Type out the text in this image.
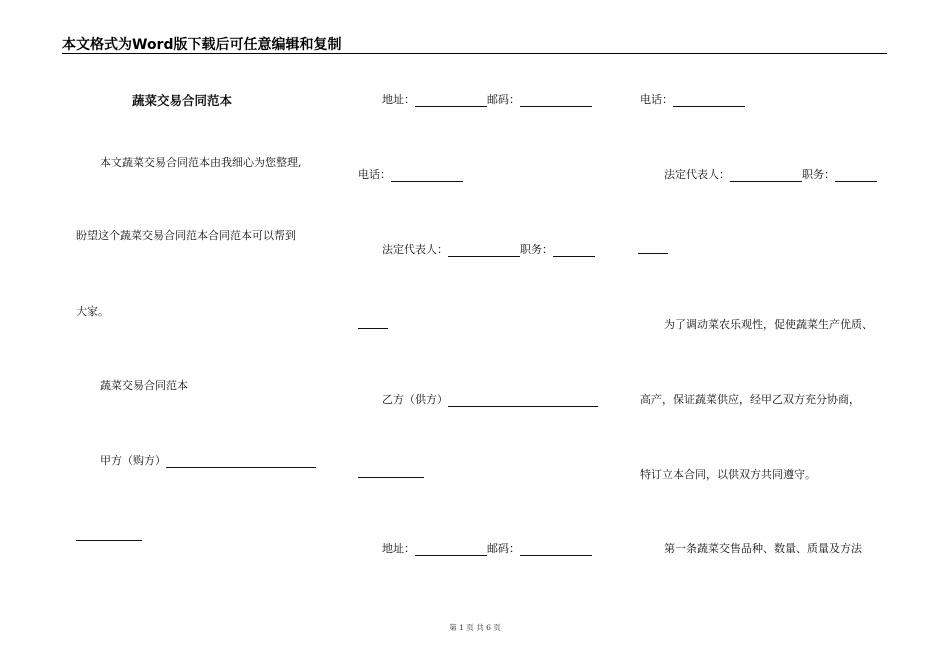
本文格式为Word版下载后可任意编辑和复制
蔬菜交易合同范本
本文蔬菜交易合同范本由我细心为您整理,
盼望这个蔬菜交易合同范本合同范本可以帮到
大家。
蔬菜交易合同范本
甲方（购方）
地址：	邮码：
电话：
法定代表人：	职务：
乙方（供方）
地址：	邮码：
电话：
法定代表人：	职务：
为了调动菜农乐观性，促使蔬菜生产优质、
高产，保证蔬菜供应，经甲乙双方充分协商，
特订立本合同，以供双方共同遵守。
第一条蔬菜交售品种、数量、质量及方法
第 1 页 共 6 页
